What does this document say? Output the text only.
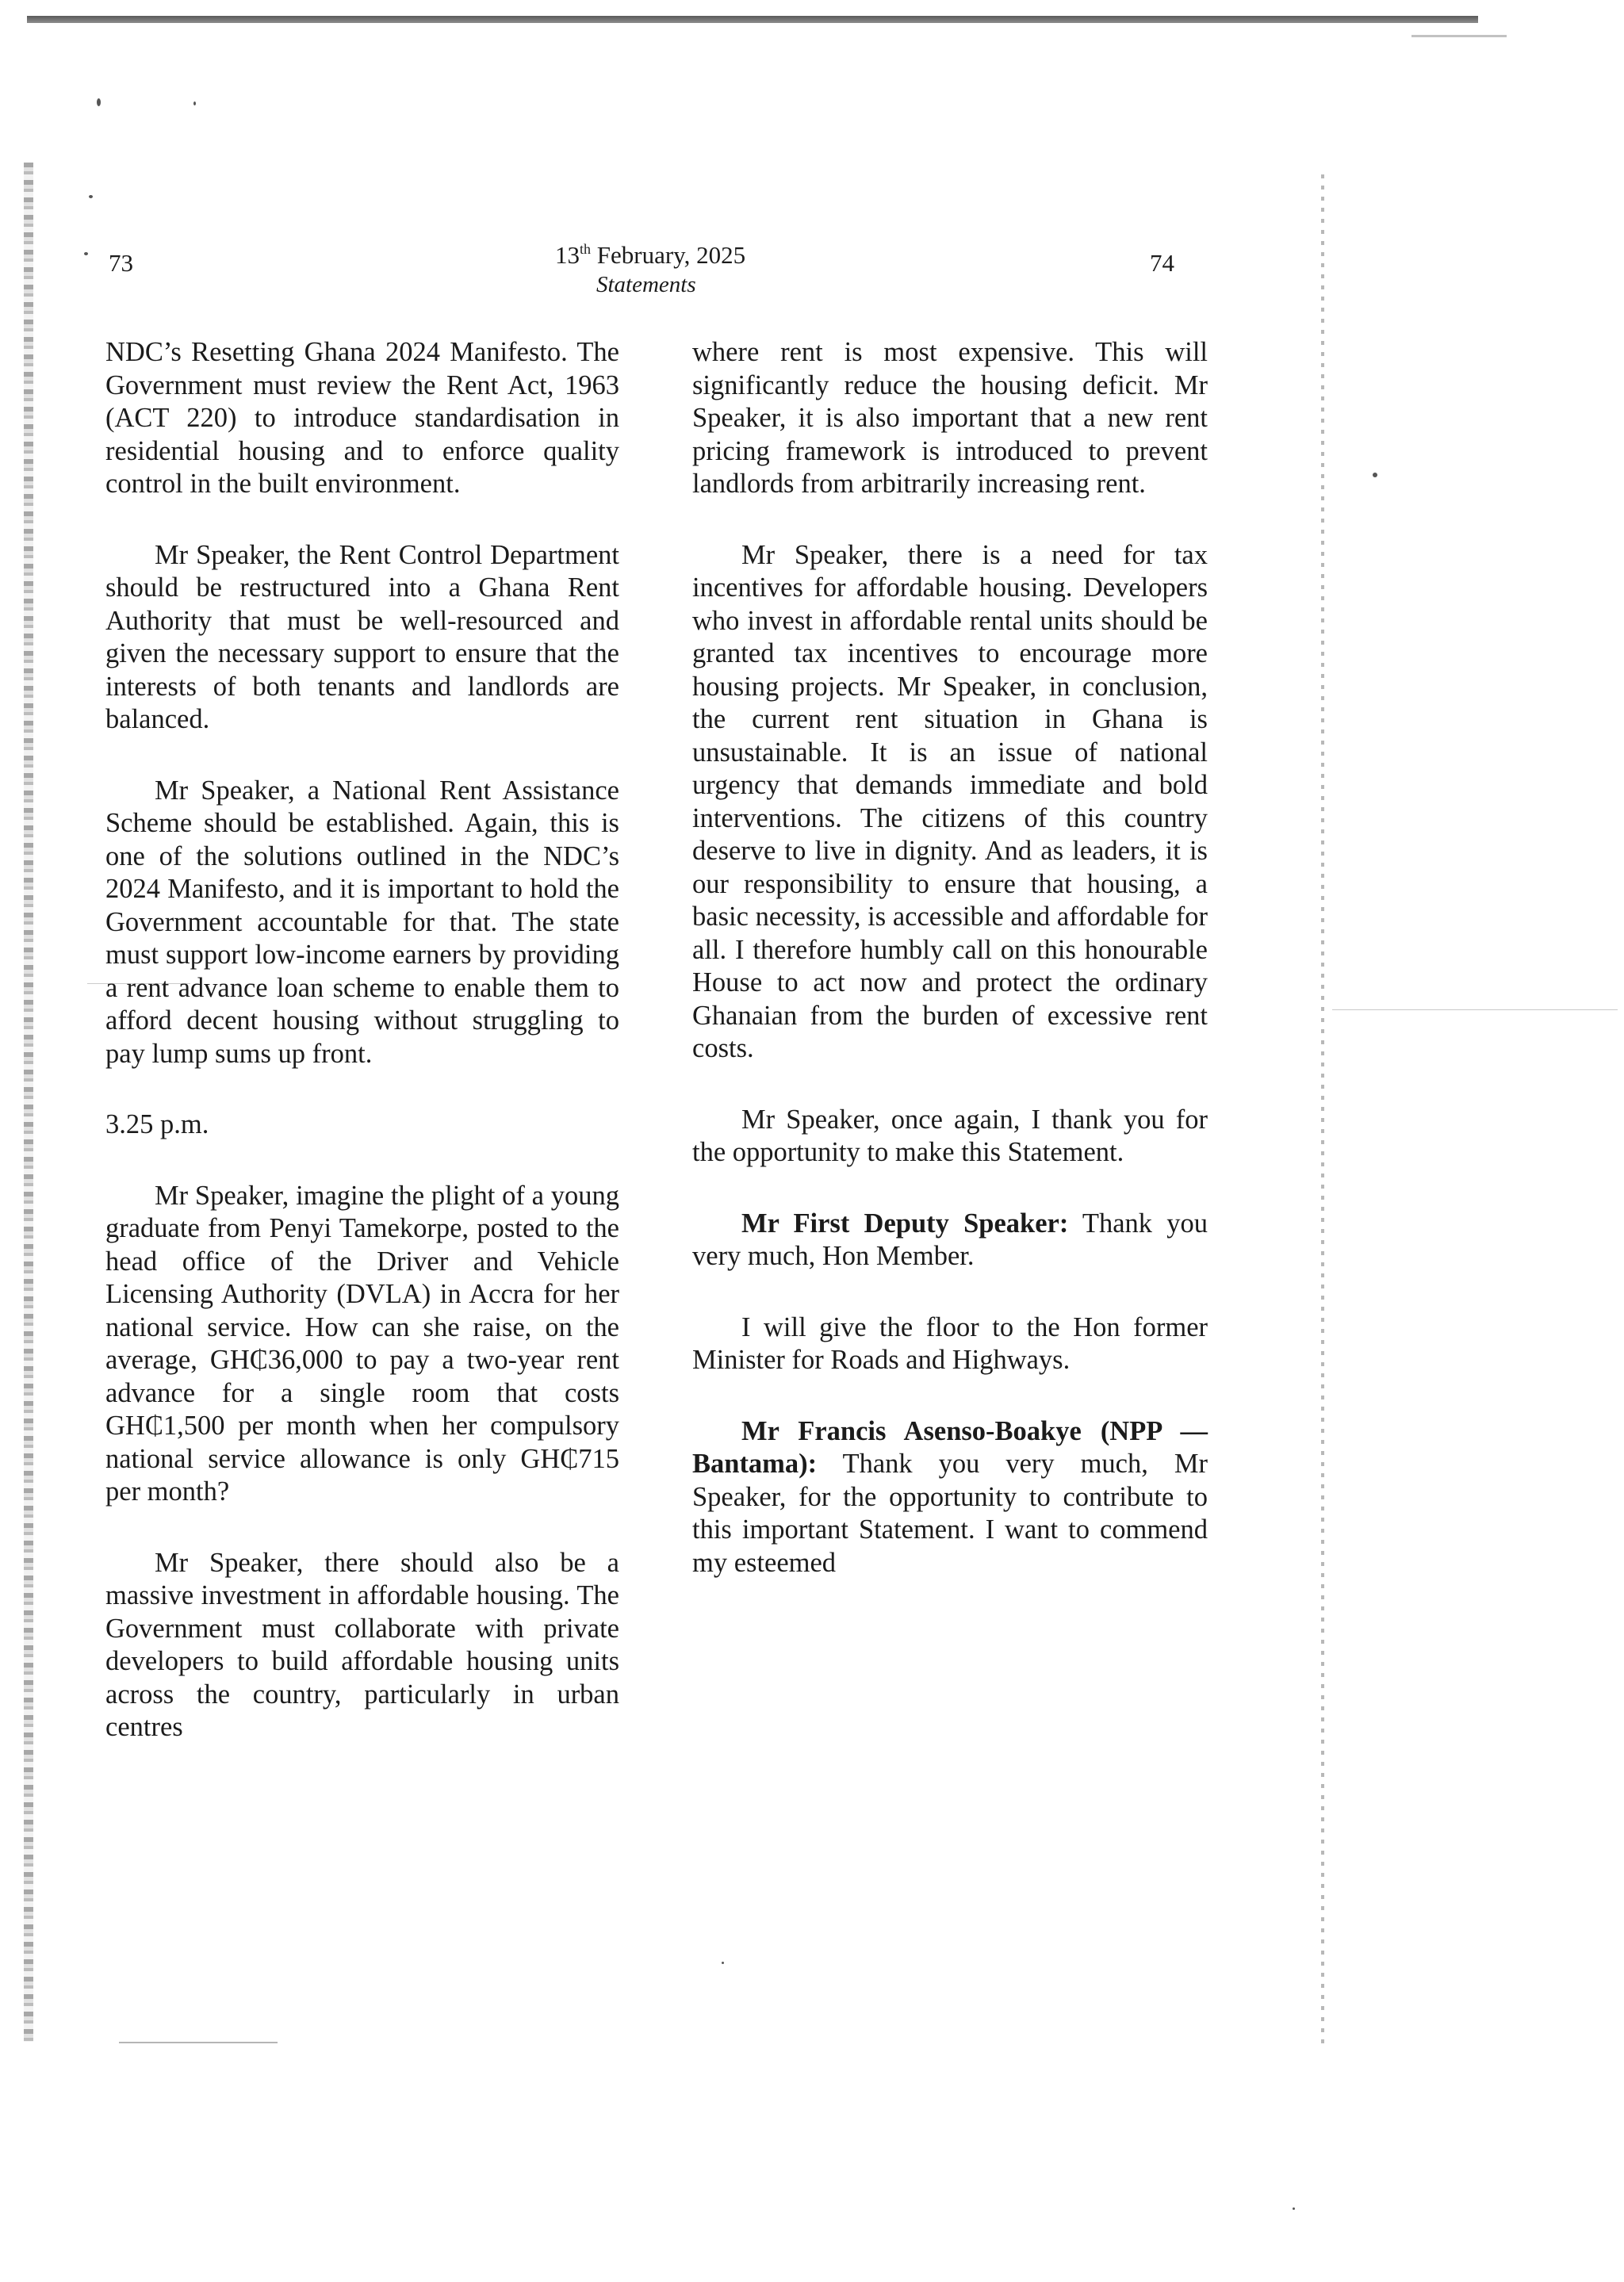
73	13th February, 2025
Statements
74

NDC’s Resetting Ghana 2024 Manifesto. The Government must review the Rent Act, 1963 (ACT 220) to introduce standardisation in residential housing and to enforce quality control in the built environment.

Mr Speaker, the Rent Control Department should be restructured into a Ghana Rent Authority that must be well-resourced and given the necessary support to ensure that the interests of both tenants and landlords are balanced.

Mr Speaker, a National Rent Assistance Scheme should be established. Again, this is one of the solutions outlined in the NDC’s 2024 Manifesto, and it is important to hold the Government accountable for that. The state must support low-income earners by providing a rent advance loan scheme to enable them to afford decent housing without struggling to pay lump sums up front.

3.25 p.m.

Mr Speaker, imagine the plight of a young graduate from Penyi Tamekorpe, posted to the head office of the Driver and Vehicle Licensing Authority (DVLA) in Accra for her national service. How can she raise, on the average, GH₵36,000 to pay a two-year rent advance for a single room that costs GH₵1,500 per month when her compulsory national service allowance is only GH₵715 per month?

Mr Speaker, there should also be a massive investment in affordable housing. The Government must collaborate with private developers to build affordable housing units across the country, particularly in urban centres

where rent is most expensive. This will significantly reduce the housing deficit. Mr Speaker, it is also important that a new rent pricing framework is introduced to prevent landlords from arbitrarily increasing rent.

Mr Speaker, there is a need for tax incentives for affordable housing. Developers who invest in affordable rental units should be granted tax incentives to encourage more housing projects. Mr Speaker, in conclusion, the current rent situation in Ghana is unsustainable. It is an issue of national urgency that demands immediate and bold interventions. The citizens of this country deserve to live in dignity. And as leaders, it is our responsibility to ensure that housing, a basic necessity, is accessible and affordable for all. I therefore humbly call on this honourable House to act now and protect the ordinary Ghanaian from the burden of excessive rent costs.

Mr Speaker, once again, I thank you for the opportunity to make this Statement.

Mr First Deputy Speaker: Thank you very much, Hon Member.

I will give the floor to the Hon former Minister for Roads and Highways.

Mr Francis Asenso-Boakye (NPP — Bantama): Thank you very much, Mr Speaker, for the opportunity to contribute to this important Statement. I want to commend my esteemed
